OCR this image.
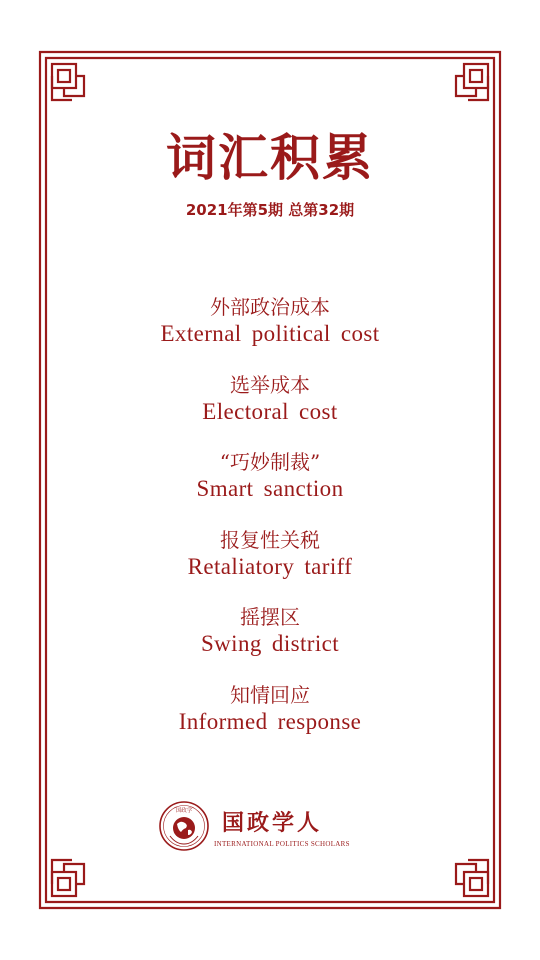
词汇积累
2021年第5期 总第32期
外部政治成本
External political cost
选举成本
Electoral cost
“巧妙制裁”
Smart sanction
报复性关税
Retaliatory tariff
摇摆区
Swing district
知情回应
Informed response
国政学 国政学人
INTERNATIONAL POLITICS SCHOLARS
